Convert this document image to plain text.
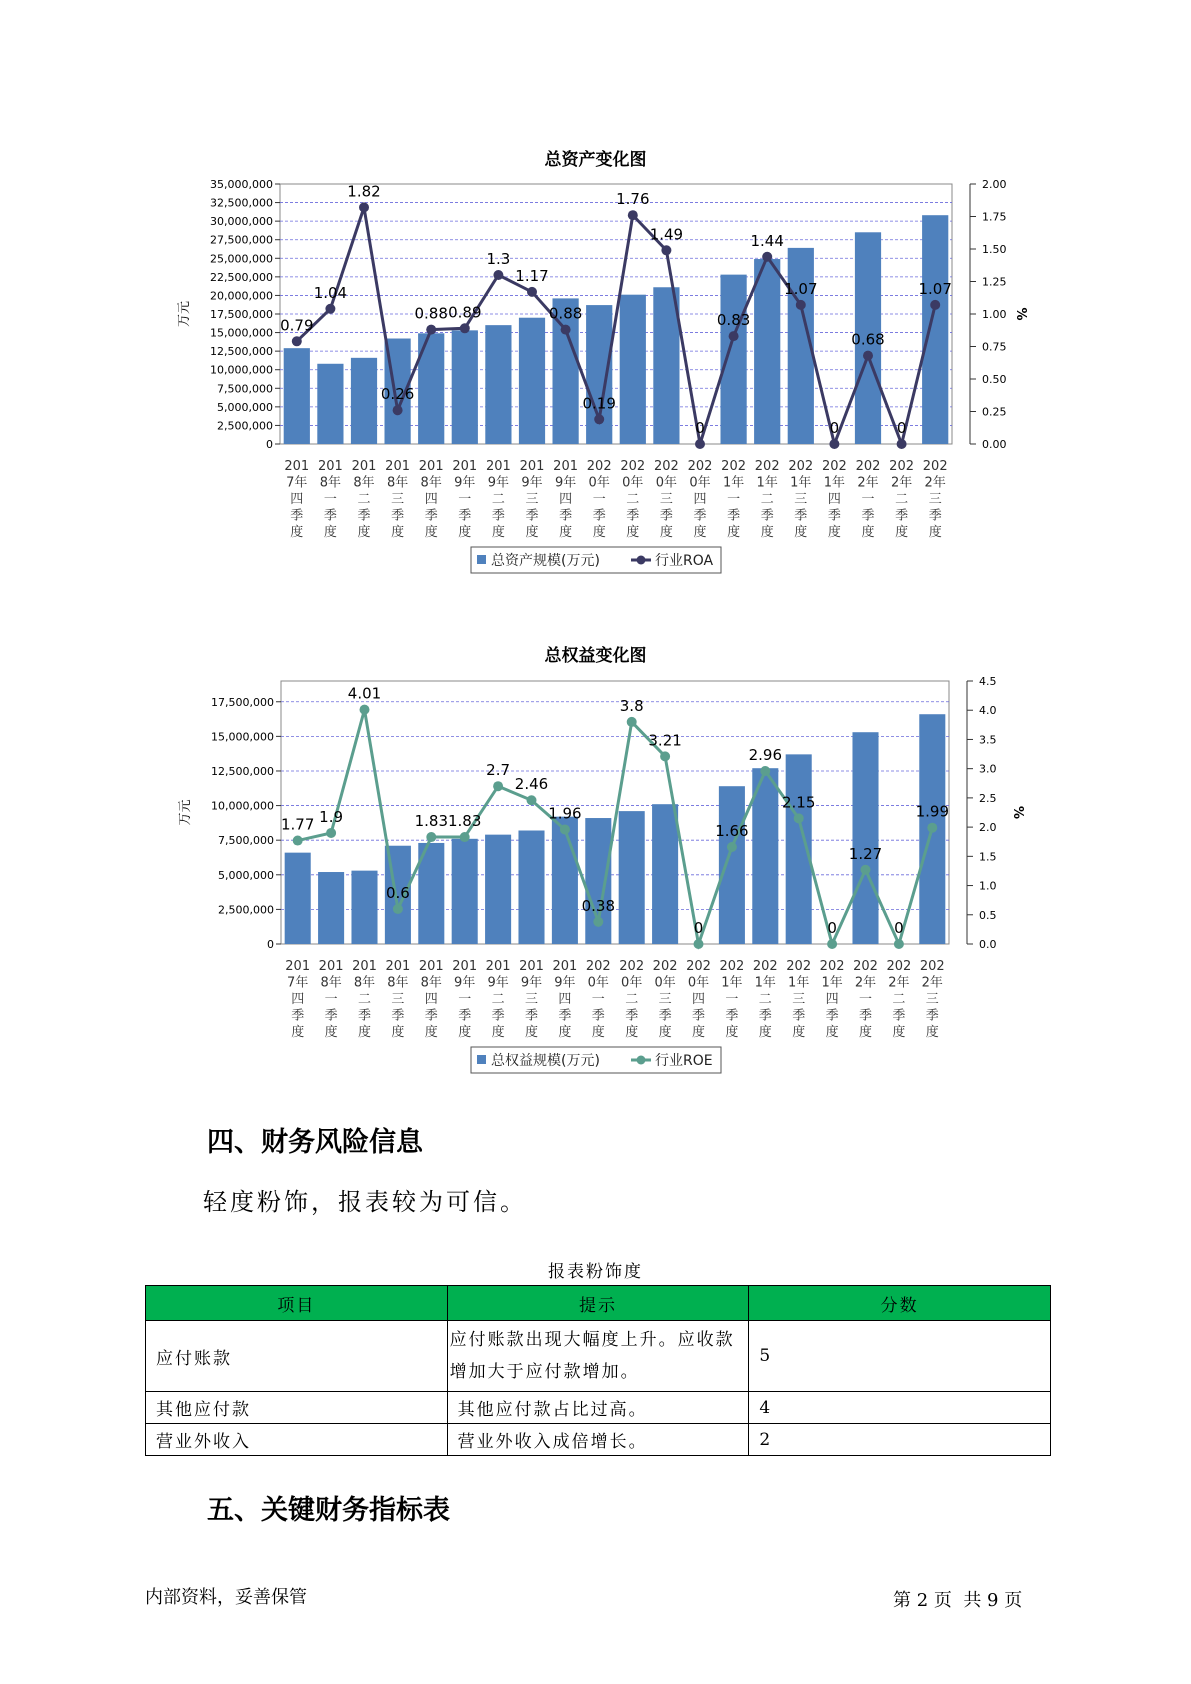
总资产变化图
0
2,500,000
5,000,000
7,500,000
10,000,000
12,500,000
15,000,000
17,500,000
20,000,000
22,500,000
25,000,000
27,500,000
30,000,000
32,500,000
35,000,000
0.00
0.25
0.50
0.75
1.00
1.25
1.50
1.75
2.00
万元	%
201
7年
四
季
度
201
8年
一
季
度
201
8年
二
季
度
201
8年
三
季
度
201
8年
四
季
度
201
9年
一
季
度
201
9年
二
季
度
201
9年
三
季
度
201
9年
四
季
度
202
0年
一
季
度
202
0年
二
季
度
202
0年
三
季
度
202
0年
四
季
度
202
1年
一
季
度
202
1年
二
季
度
202
1年
三
季
度
202
1年
四
季
度
202
2年
一
季
度
202
2年
二
季
度
202
2年
三
季
度
0.79
1.04
1.82
0.26
0.88 0.89
1.3
1.17
0.88
0.19
1.76
1.49
0
0.83
1.44
1.07
0
0.68
0
1.07
总资产规模(万元)	行业ROA
总权益变化图
0
2,500,000
5,000,000
7,500,000
10,000,000
12,500,000
15,000,000
17,500,000
0.0
0.5
1.0
1.5
2.0
2.5
3.0
3.5
4.0
4.5
万元	%
201
7年
四
季
度
201
8年
一
季
度
201
8年
二
季
度
201
8年
三
季
度
201
8年
四
季
度
201
9年
一
季
度
201
9年
二
季
度
201
9年
三
季
度
201
9年
四
季
度
202
0年
一
季
度
202
0年
二
季
度
202
0年
三
季
度
202
0年
四
季
度
202
1年
一
季
度
202
1年
二
季
度
202
1年
三
季
度
202
1年
四
季
度
202
2年
一
季
度
202
2年
二
季
度
202
2年
三
季
度
1.77 1.9
4.01
0.6
1.83 1.83
2.7
2.46
1.96
0.38
3.8
3.21
0
1.66
2.96
2.15
0
1.27
0
1.99
总权益规模(万元)	行业ROE
四、财务风险信息
轻度粉饰，报表较为可信。
报表粉饰度
项目	提示	分数
应付账款	应付账款出现大幅度上升。应收款增加大于应付款增加。	5
其他应付款	其他应付款占比过高。	4
营业外收入	营业外收入成倍增长。	2
五、关键财务指标表
内部资料，妥善保管	第 2 页  共 9 页
